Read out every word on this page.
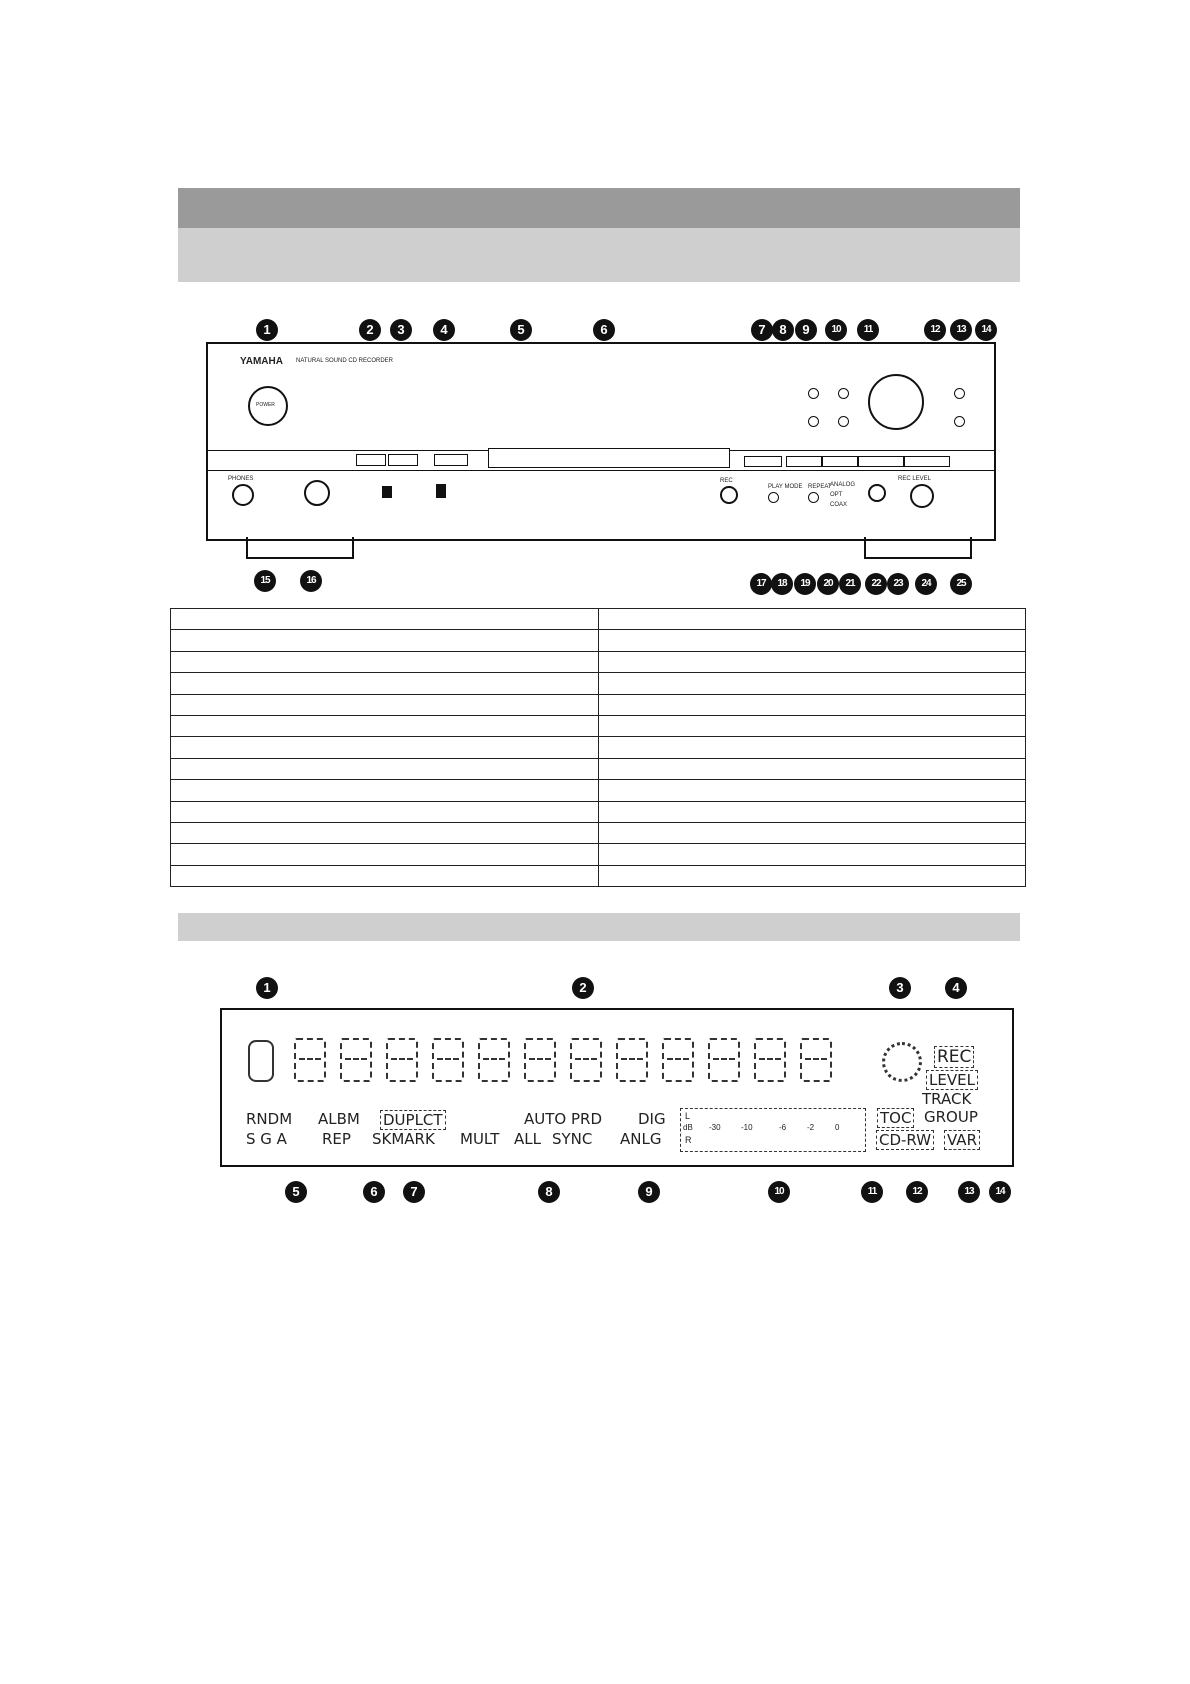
1	2	3	4	5	6	7	8	9	10	11	12	13	14
YAMAHA NATURAL SOUND CD RECORDER
POWER
PHONES	REC
PLAY MODE REPEAT
ANALOG
OPT
COAX
REC LEVEL
15	16	17	18	19	20	21	22	23	24	25

1	2	3	4
REC
LEVEL
TRACK
TOC GROUP
CD-RW VAR
RNDM ALBM
S G A REP
DUPLCT
SKMARK
AUTO PRD
MULT ALL SYNC
DIG
ANLG
L
dB
R
-30	-10	-6	-2	0
5	6	7	8	9	10	11	12	13	14
